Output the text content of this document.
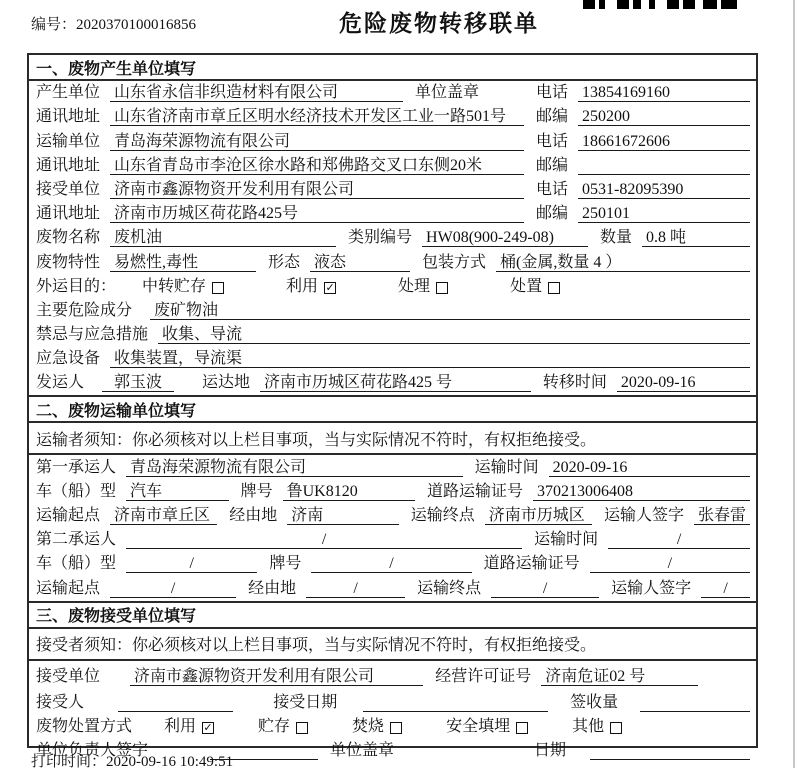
编号：2020370100016856	危险废物转移联单
一、废物产生单位填写
产生单位 山东省永信非织造材料有限公司	单位盖章	电话 13854169160
通讯地址 山东省济南市章丘区明水经济技术开发区工业一路501号	邮编 250200
运输单位 青岛海荣源物流有限公司	电话 18661672606
通讯地址 山东省青岛市李沧区徐水路和郑佛路交叉口东侧20米	邮编
接受单位 济南市鑫源物资开发利用有限公司	电话 0531-82095390
通讯地址 济南市历城区荷花路425号	邮编 250101
废物名称 废机油	类别编号 HW08(900-249-08)	数量 0.8 吨
废物特性 易燃性,毒性	形态 液态	包装方式 桶(金属,数量 4 ）
外运目的： 中转贮存	利用 ✓	处理	处置
主要危险成分 废矿物油
禁忌与应急措施 收集、导流
应急设备 收集装置，导流渠
发运人	郭玉波	运达地 济南市历城区荷花路425 号	转移时间 2020-09-16
二、废物运输单位填写
运输者须知：你必须核对以上栏目事项，当与实际情况不符时，有权拒绝接受。
第一承运人 青岛海荣源物流有限公司	运输时间 2020-09-16
车（船）型 汽车	牌号 鲁UK8120	道路运输证号 370213006408
运输起点 济南市章丘区	经由地 济南	运输终点 济南市历城区	运输人签字 张春雷
第二承运人	/	运输时间	/
车（船）型	/	牌号	/	道路运输证号	/
运输起点	/	经由地	/	运输终点	/	运输人签字	/
三、废物接受单位填写
接受者须知：你必须核对以上栏目事项，当与实际情况不符时，有权拒绝接受。
接受单位 济南市鑫源物资开发利用有限公司	经营许可证号 济南危证02 号
接受人	接受日期	签收量
废物处置方式 利用 ✓	贮存	焚烧	安全填埋	其他
单位负责人签字	单位盖章	日期
打印时间：2020-09-16 10:49:51
